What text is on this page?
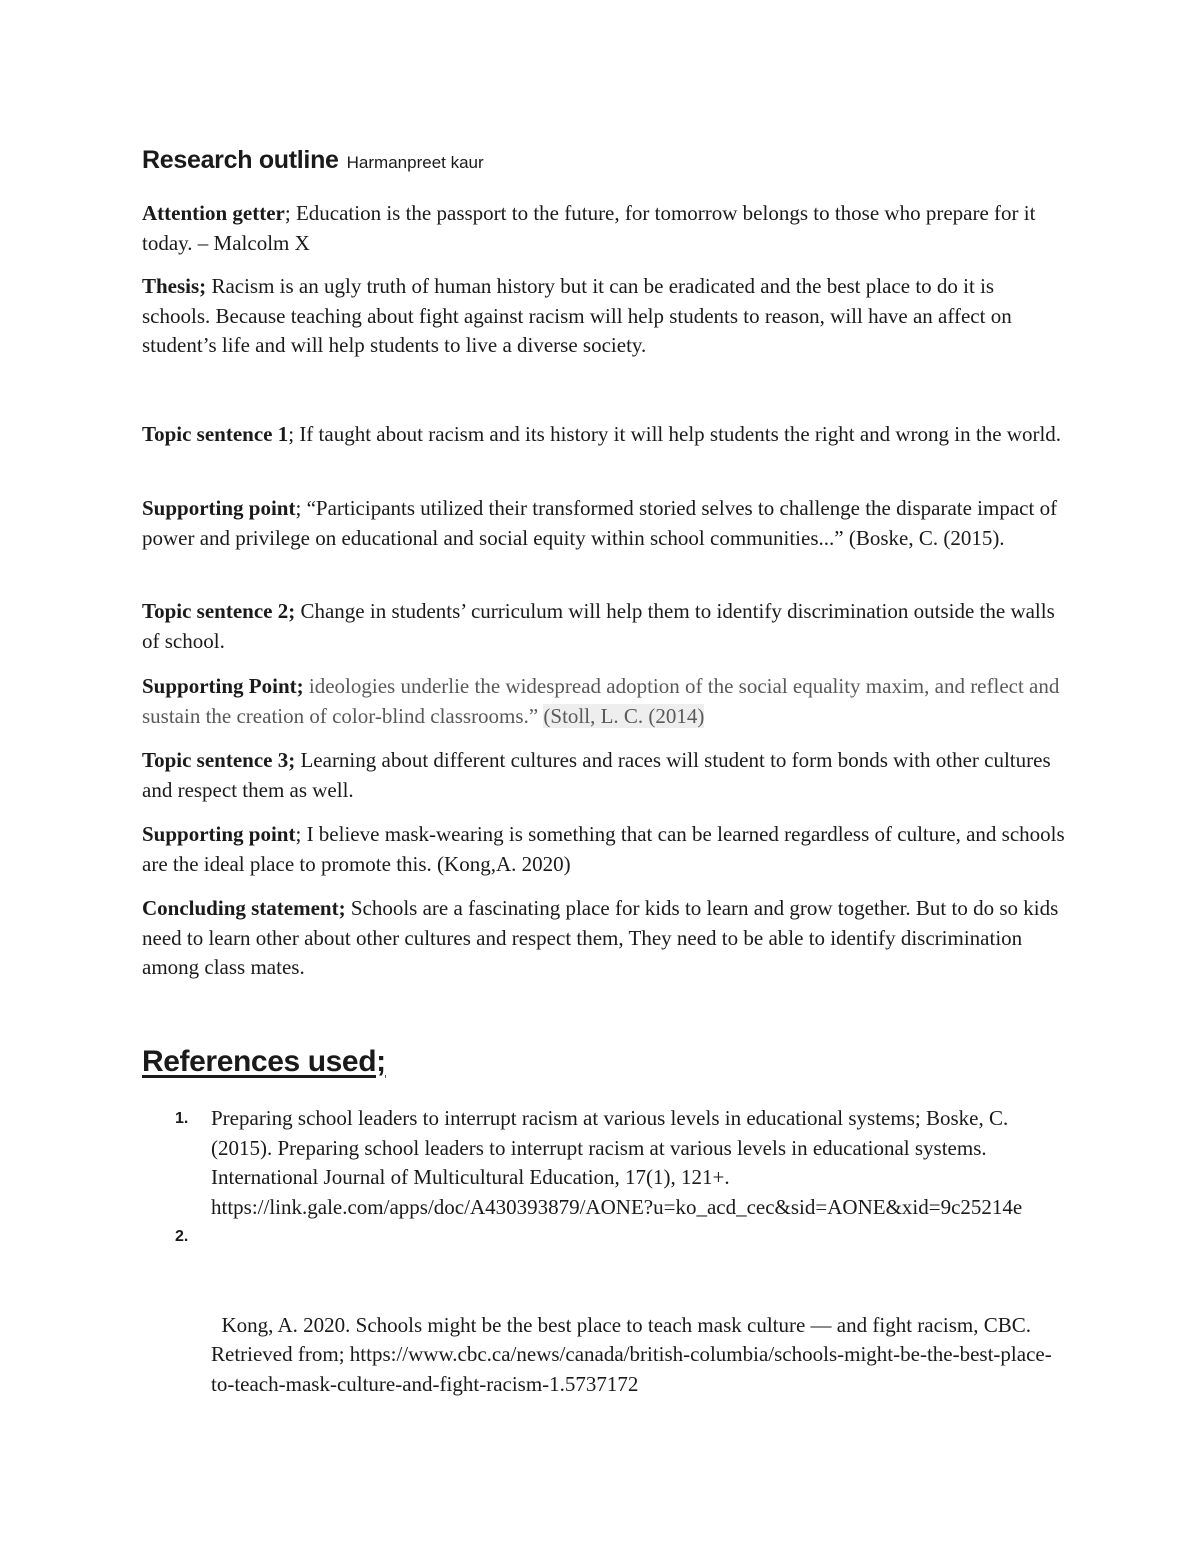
Research outline Harmanpreet kaur

Attention getter; Education is the passport to the future, for tomorrow belongs to those who prepare for it today. – Malcolm X

Thesis; Racism is an ugly truth of human history but it can be eradicated and the best place to do it is schools. Because teaching about fight against racism will help students to reason, will have an affect on student’s life and will help students to live a diverse society.

Topic sentence 1; If taught about racism and its history it will help students the right and wrong in the world.

Supporting point; “Participants utilized their transformed storied selves to challenge the disparate impact of power and privilege on educational and social equity within school communities...” (Boske, C. (2015).

Topic sentence 2; Change in students’ curriculum will help them to identify discrimination outside the walls of school.

Supporting Point; ideologies underlie the widespread adoption of the social equality maxim, and reflect and sustain the creation of color-blind classrooms.” (Stoll, L. C. (2014)

Topic sentence 3; Learning about different cultures and races will student to form bonds with other cultures and respect them as well.

Supporting point; I believe mask-wearing is something that can be learned regardless of culture, and schools are the ideal place to promote this. (Kong,A. 2020)

Concluding statement; Schools are a fascinating place for kids to learn and grow together. But to do so kids need to learn other about other cultures and respect them, They need to be able to identify discrimination among class mates.

References used;
1. Preparing school leaders to interrupt racism at various levels in educational systems; Boske, C. (2015). Preparing school leaders to interrupt racism at various levels in educational systems. International Journal of Multicultural Education, 17(1), 121+. https://link.gale.com/apps/doc/A430393879/AONE?u=ko_acd_cec&sid=AONE&xid=9c25214e

2.

Kong, A. 2020. Schools might be the best place to teach mask culture — and fight racism, CBC. Retrieved from; https://www.cbc.ca/news/canada/british-columbia/schools-might-be-the-best-place-to-teach-mask-culture-and-fight-racism-1.5737172
